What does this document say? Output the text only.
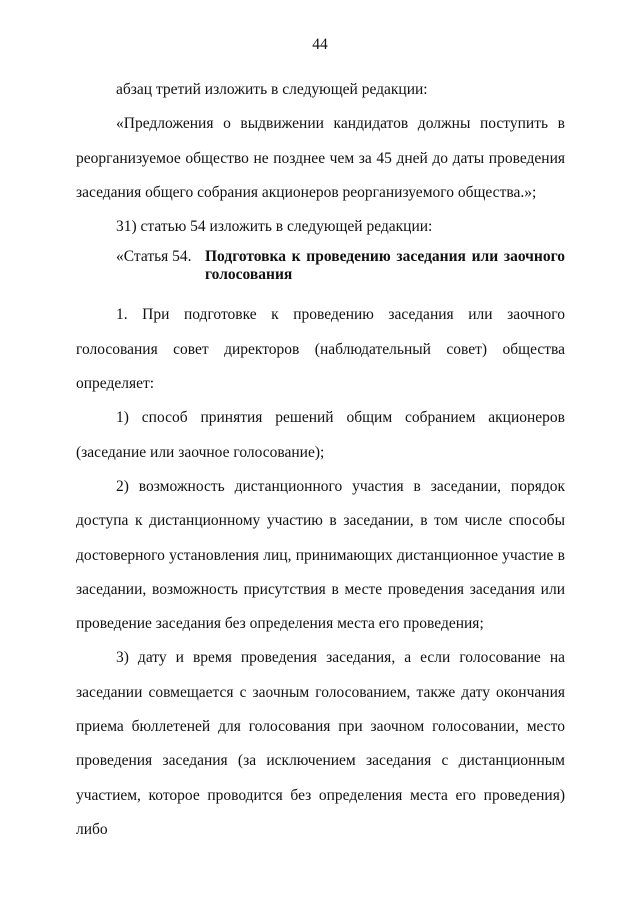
44

абзац третий изложить в следующей редакции:

«Предложения о выдвижении кандидатов должны поступить в реорганизуемое общество не позднее чем за 45 дней до даты проведения заседания общего собрания акционеров реорганизуемого общества.»;

31) статью 54 изложить в следующей редакции:

«Статья 54. Подготовка к проведению заседания или заочного голосования

1. При подготовке к проведению заседания или заочного голосования совет директоров (наблюдательный совет) общества определяет:

1) способ принятия решений общим собранием акционеров (заседание или заочное голосование);

2) возможность дистанционного участия в заседании, порядок доступа к дистанционному участию в заседании, в том числе способы достоверного установления лиц, принимающих дистанционное участие в заседании, возможность присутствия в месте проведения заседания или проведение заседания без определения места его проведения;

3) дату и время проведения заседания, а если голосование на заседании совмещается с заочным голосованием, также дату окончания приема бюллетеней для голосования при заочном голосовании, место проведения заседания (за исключением заседания с дистанционным участием, которое проводится без определения места его проведения) либо
